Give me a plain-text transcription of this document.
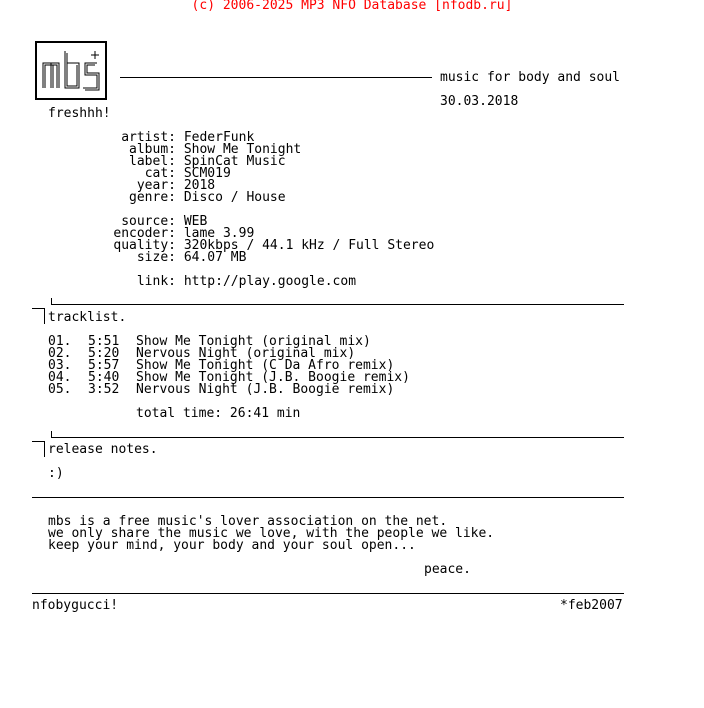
(c) 2006-2025 MP3 NFO Database [nfodb.ru]
music for body and soul
30.03.2018
freshhh!
artist: FederFunk
album: Show Me Tonight
label: SpinCat Music
cat: SCM019
year: 2018
genre: Disco / House
source: WEB
encoder: lame 3.99
quality: 320kbps / 44.1 kHz / Full Stereo
size: 64.07 MB
link: http://play.google.com
tracklist.
01. 5:51 Show Me Tonight (original mix)
02. 5:20 Nervous Night (original mix)
03. 5:57 Show Me Tonight (C Da Afro remix)
04. 5:40 Show Me Tonight (J.B. Boogie remix)
05. 3:52 Nervous Night (J.B. Boogie remix)
total time: 26:41 min
release notes.
:)
mbs is a free music's lover association on the net.
we only share the music we love, with the people we like.
keep your mind, your body and your soul open...
peace.
nfobygucci!	*feb2007
